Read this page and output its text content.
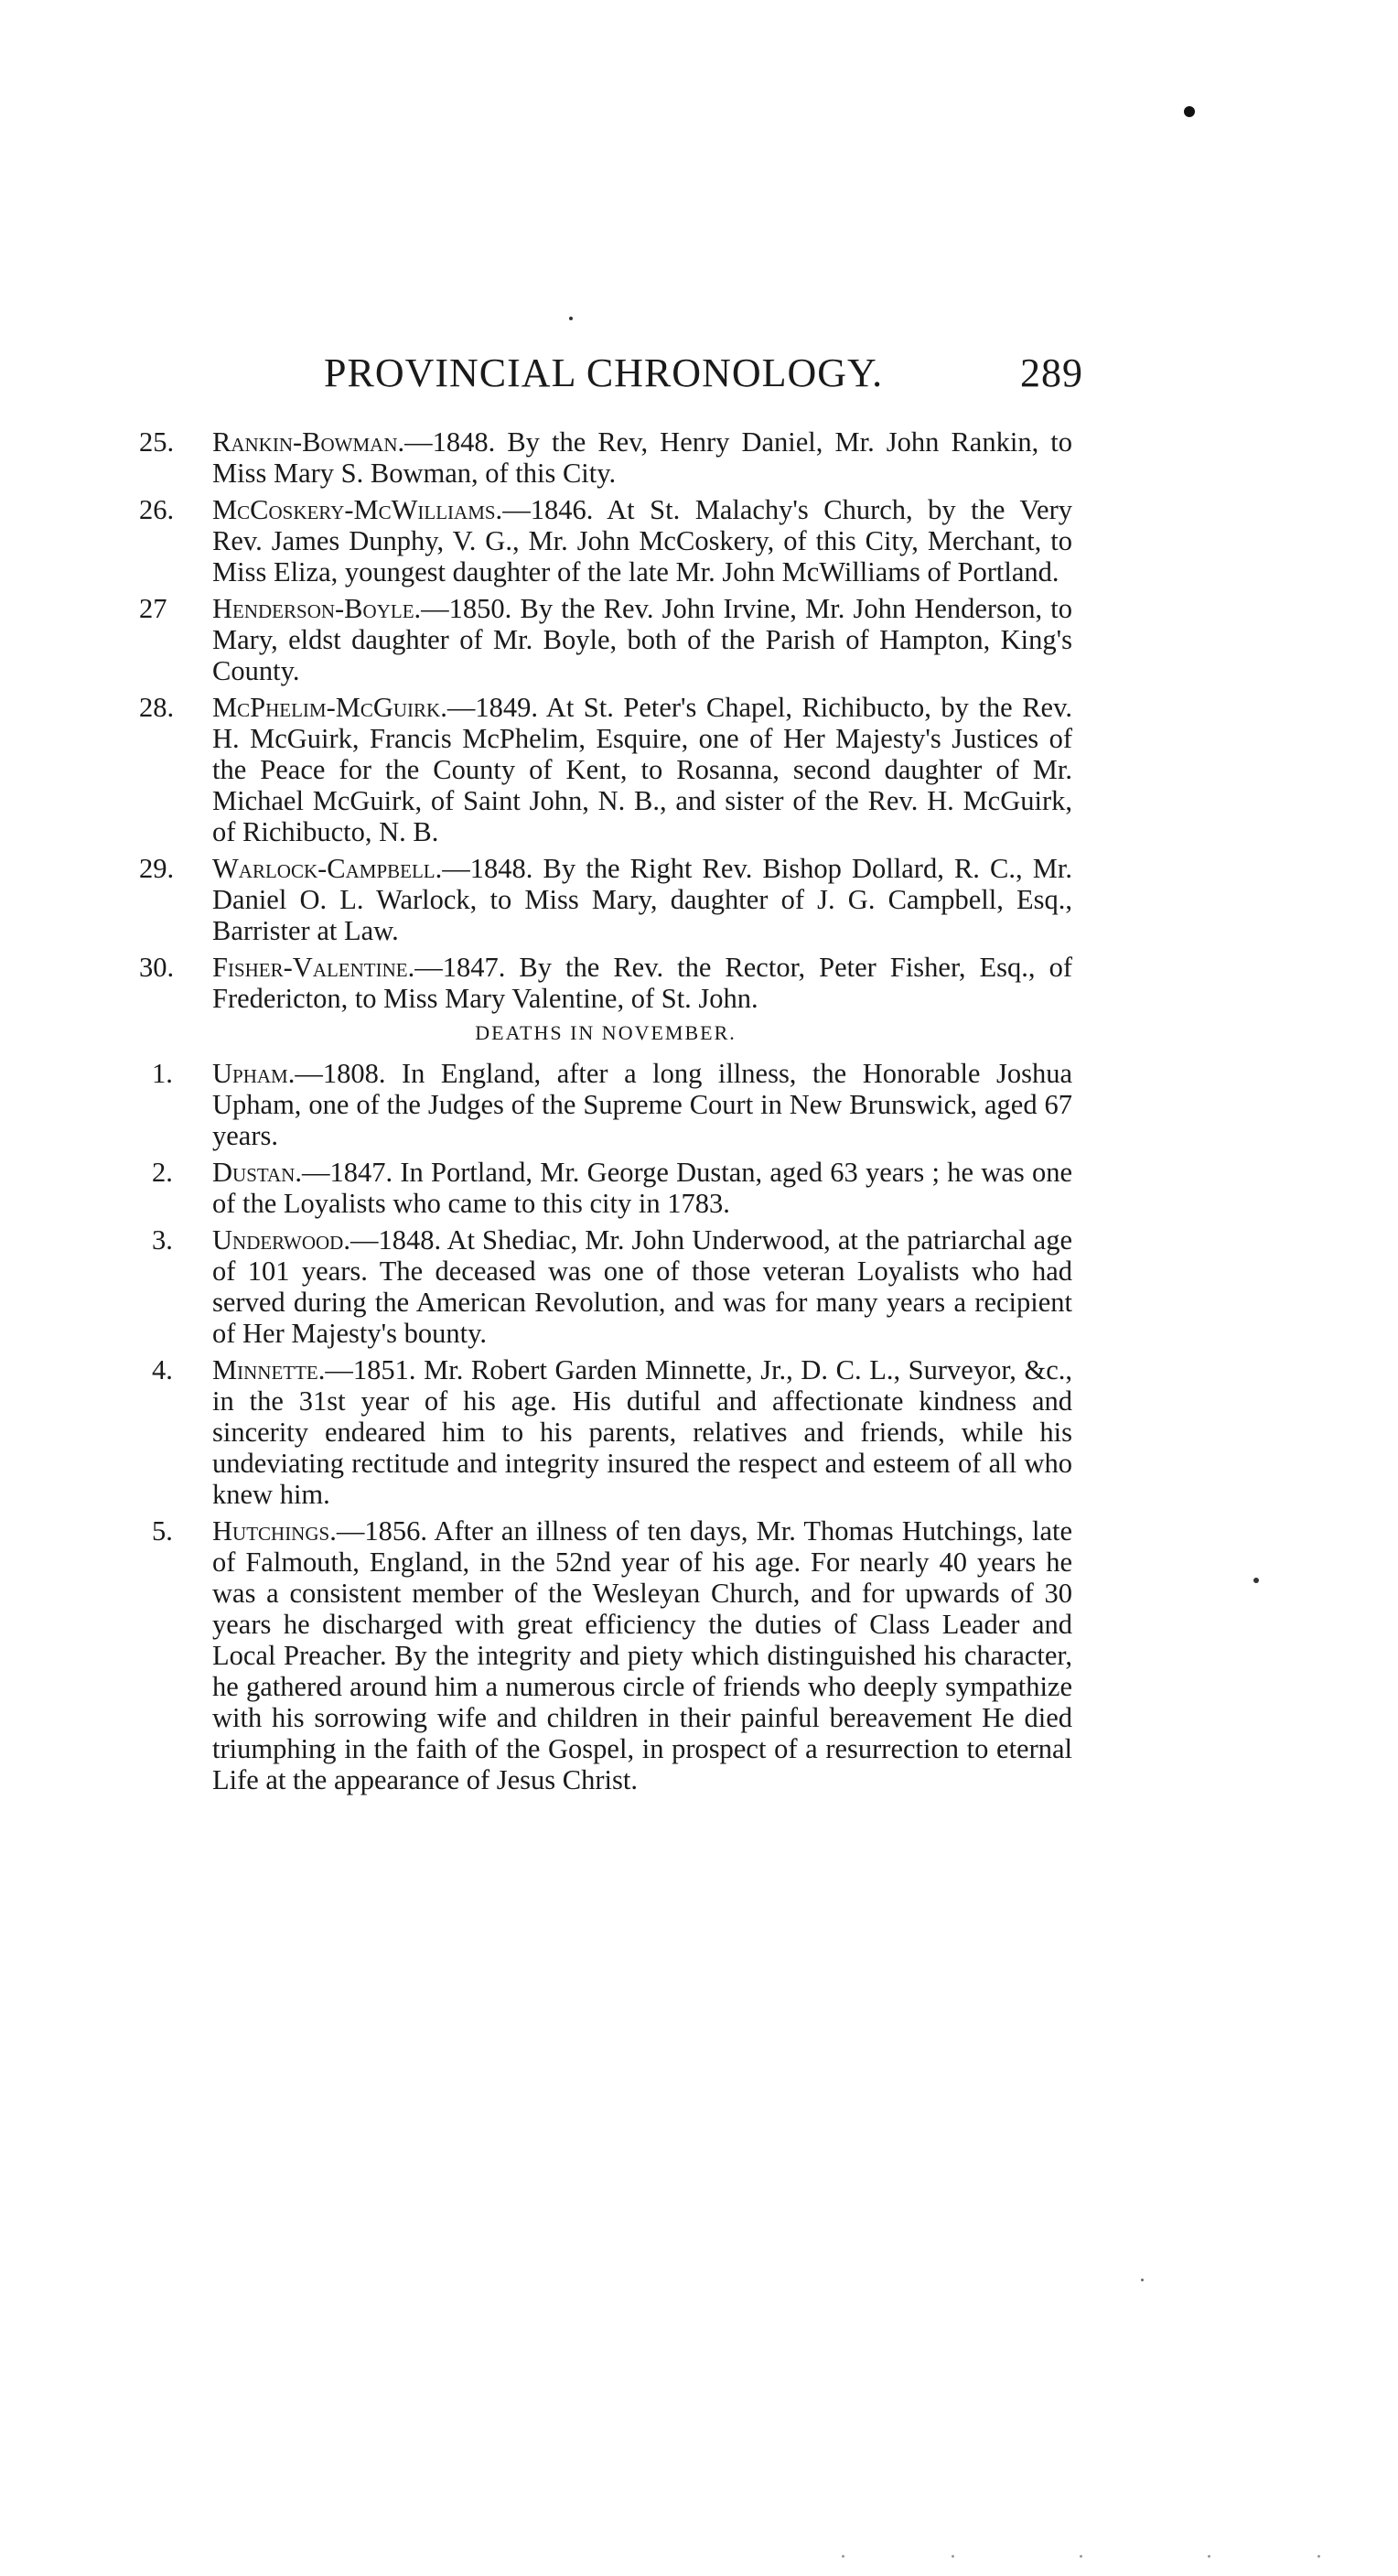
PROVINCIAL CHRONOLOGY.	289
25.	Rankin-Bowman.—1848. By the Rev, Henry Daniel, Mr. John Rankin, to Miss Mary S. Bowman, of this City.
26.	McCoskery-McWilliams.—1846. At St. Malachy's Church, by the Very Rev. James Dunphy, V. G., Mr. John McCoskery, of this City, Merchant, to Miss Eliza, youngest daughter of the late Mr. John McWilliams of Portland.
27	Henderson-Boyle.—1850. By the Rev. John Irvine, Mr. John Henderson, to Mary, eldst daughter of Mr. Boyle, both of the Parish of Hampton, King's County.
28.	McPhelim-McGuirk.—1849. At St. Peter's Chapel, Richibucto, by the Rev. H. McGuirk, Francis McPhelim, Esquire, one of Her Majesty's Justices of the Peace for the County of Kent, to Rosanna, second daughter of Mr. Michael McGuirk, of Saint John, N. B., and sister of the Rev. H. McGuirk, of Richibucto, N. B.
29.	Warlock-Campbell.—1848. By the Right Rev. Bishop Dollard, R. C., Mr. Daniel O. L. Warlock, to Miss Mary, daughter of J. G. Campbell, Esq., Barrister at Law.
30.	Fisher-Valentine.—1847. By the Rev. the Rector, Peter Fisher, Esq., of Fredericton, to Miss Mary Valentine, of St. John.
DEATHS IN NOVEMBER.
1.	Upham.—1808. In England, after a long illness, the Honorable Joshua Upham, one of the Judges of the Supreme Court in New Brunswick, aged 67 years.
2.	Dustan.—1847. In Portland, Mr. George Dustan, aged 63 years ; he was one of the Loyalists who came to this city in 1783.
3.	Underwood.—1848. At Shediac, Mr. John Underwood, at the patriarchal age of 101 years. The deceased was one of those veteran Loyalists who had served during the American Revolution, and was for many years a recipient of Her Majesty's bounty.
4.	Minnette.—1851. Mr. Robert Garden Minnette, Jr., D. C. L., Surveyor, &c., in the 31st year of his age. His dutiful and affectionate kindness and sincerity endeared him to his parents, relatives and friends, while his undeviating rectitude and integrity insured the respect and esteem of all who knew him.
5.	Hutchings.—1856. After an illness of ten days, Mr. Thomas Hutchings, late of Falmouth, England, in the 52nd year of his age. For nearly 40 years he was a consistent member of the Wesleyan Church, and for upwards of 30 years he discharged with great efficiency the duties of Class Leader and Local Preacher. By the integrity and piety which distinguished his character, he gathered around him a numerous circle of friends who deeply sympathize with his sorrowing wife and children in their painful bereavement He died triumphing in the faith of the Gospel, in prospect of a resurrection to eternal Life at the appearance of Jesus Christ.
